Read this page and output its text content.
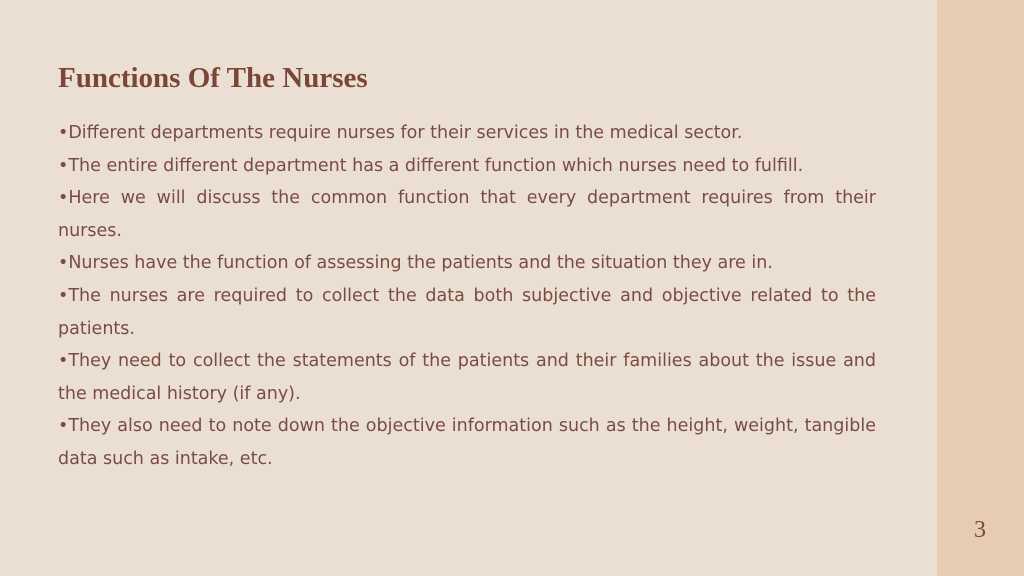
Functions Of The Nurses
•Different departments require nurses for their services in the medical sector.
•The entire different department has a different function which nurses need to fulfill.
•Here we will discuss the common function that every department requires from their nurses.
•Nurses have the function of assessing the patients and the situation they are in.
•The nurses are required to collect the data both subjective and objective related to the patients.
•They need to collect the statements of the patients and their families about the issue and the medical history (if any).
•They also need to note down the objective information such as the height, weight, tangible data such as intake, etc.
3
